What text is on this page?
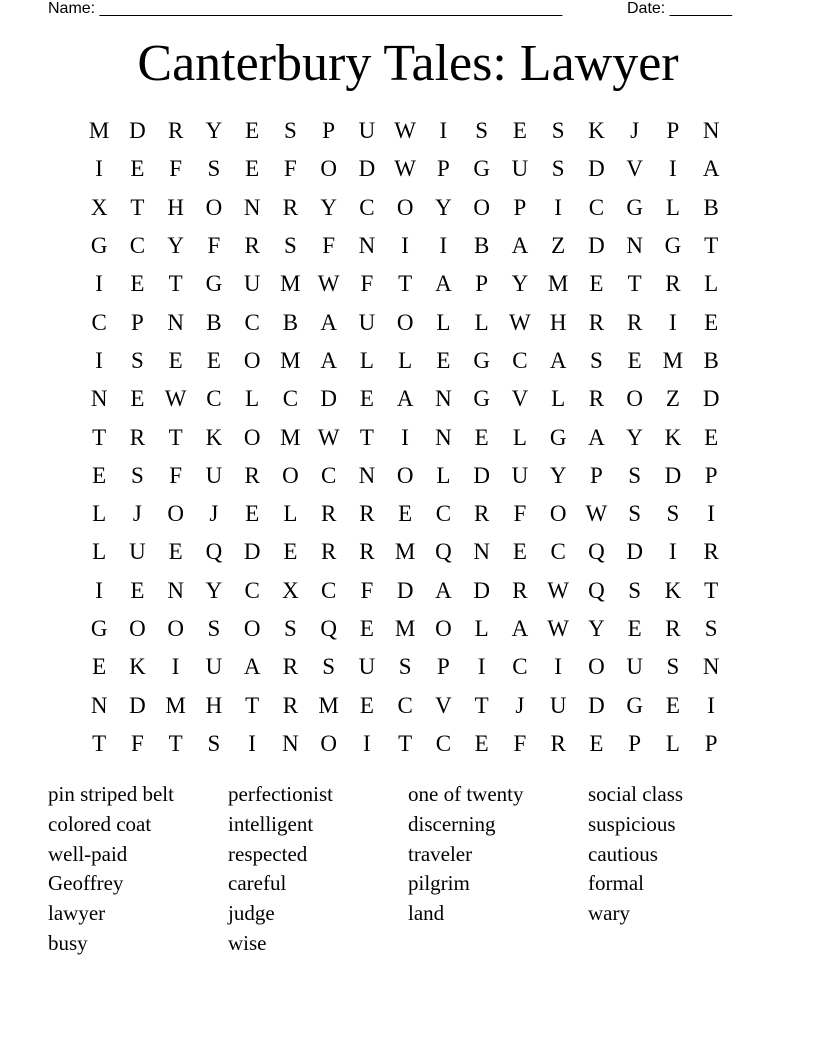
Name: ____________________________________________________	Date: _______
Canterbury Tales: Lawyer
M D R Y E	S	P	U W	I	S	E	S	K	J	P	N
I	E	F	S	E	F	O D W P	G U	S	D V	I	A
X T H O N R Y C O Y O	P	I	C G L	B
G C Y	F	R	S	F	N	I	I	B A Z D N G T
I	E	T G U M W F	T A	P	Y M E	T	R	L
C	P	N B C B A U O L	L W H R R	I	E
I	S	E	E O M A L	L	E G C A	S	E M B
N E W C	L	C D E A N G V L	R O Z D
T	R	T K O M W T	I	N E	L G A Y K E
E	S	F	U R O C N O L D U Y	P	S	D	P
L	J	O	J	E	L	R R	E	C R	F	O W S	S	I
L U E Q D E	R R M Q N E	C Q D	I	R
I	E N Y C X C	F	D A D R W Q	S	K T
G O O	S	O	S	Q E M O L A W Y E	R	S
E K	I	U A R	S	U	S	P	I	C	I	O U	S	N
N D M H T	R M E	C V T	J	U D G E	I
T	F	T	S	I	N O	I	T	C	E	F	R	E	P	L	P
pin striped belt	perfectionist	one of twenty	social class
colored coat	intelligent	discerning	suspicious
well-paid	respected	traveler	cautious
Geoffrey	careful	pilgrim	formal
lawyer	judge	land	wary
busy	wise
